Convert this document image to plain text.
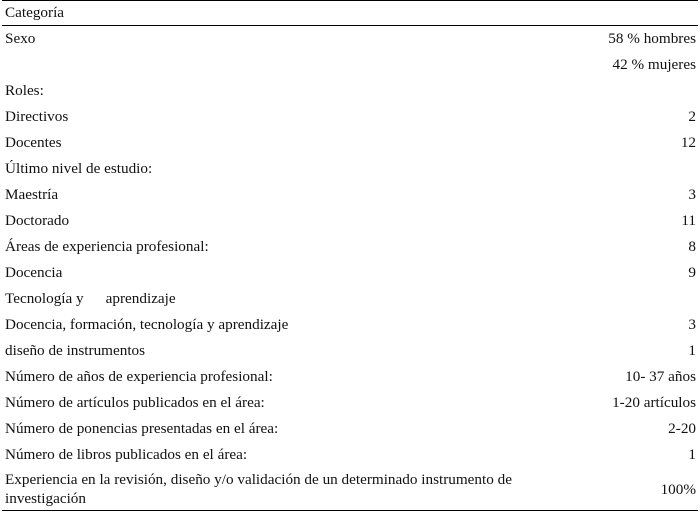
Categoría	
Sexo	58 % hombres
	42 % mujeres
Roles:	
Directivos	2
Docentes	12
Último nivel de estudio:	
Maestría	3
Doctorado	11
Áreas de experiencia profesional:	8
Docencia	9
Tecnología y aprendizaje	
Docencia, formación, tecnología y aprendizaje	3
diseño de instrumentos	1
Número de años de experiencia profesional:	10- 37 años
Número de artículos publicados en el área:	1-20 artículos
Número de ponencias presentadas en el área:	2-20
Número de libros publicados en el área:	1
Experiencia en la revisión, diseño y/o validación de un determinado instrumento de investigación	100%
